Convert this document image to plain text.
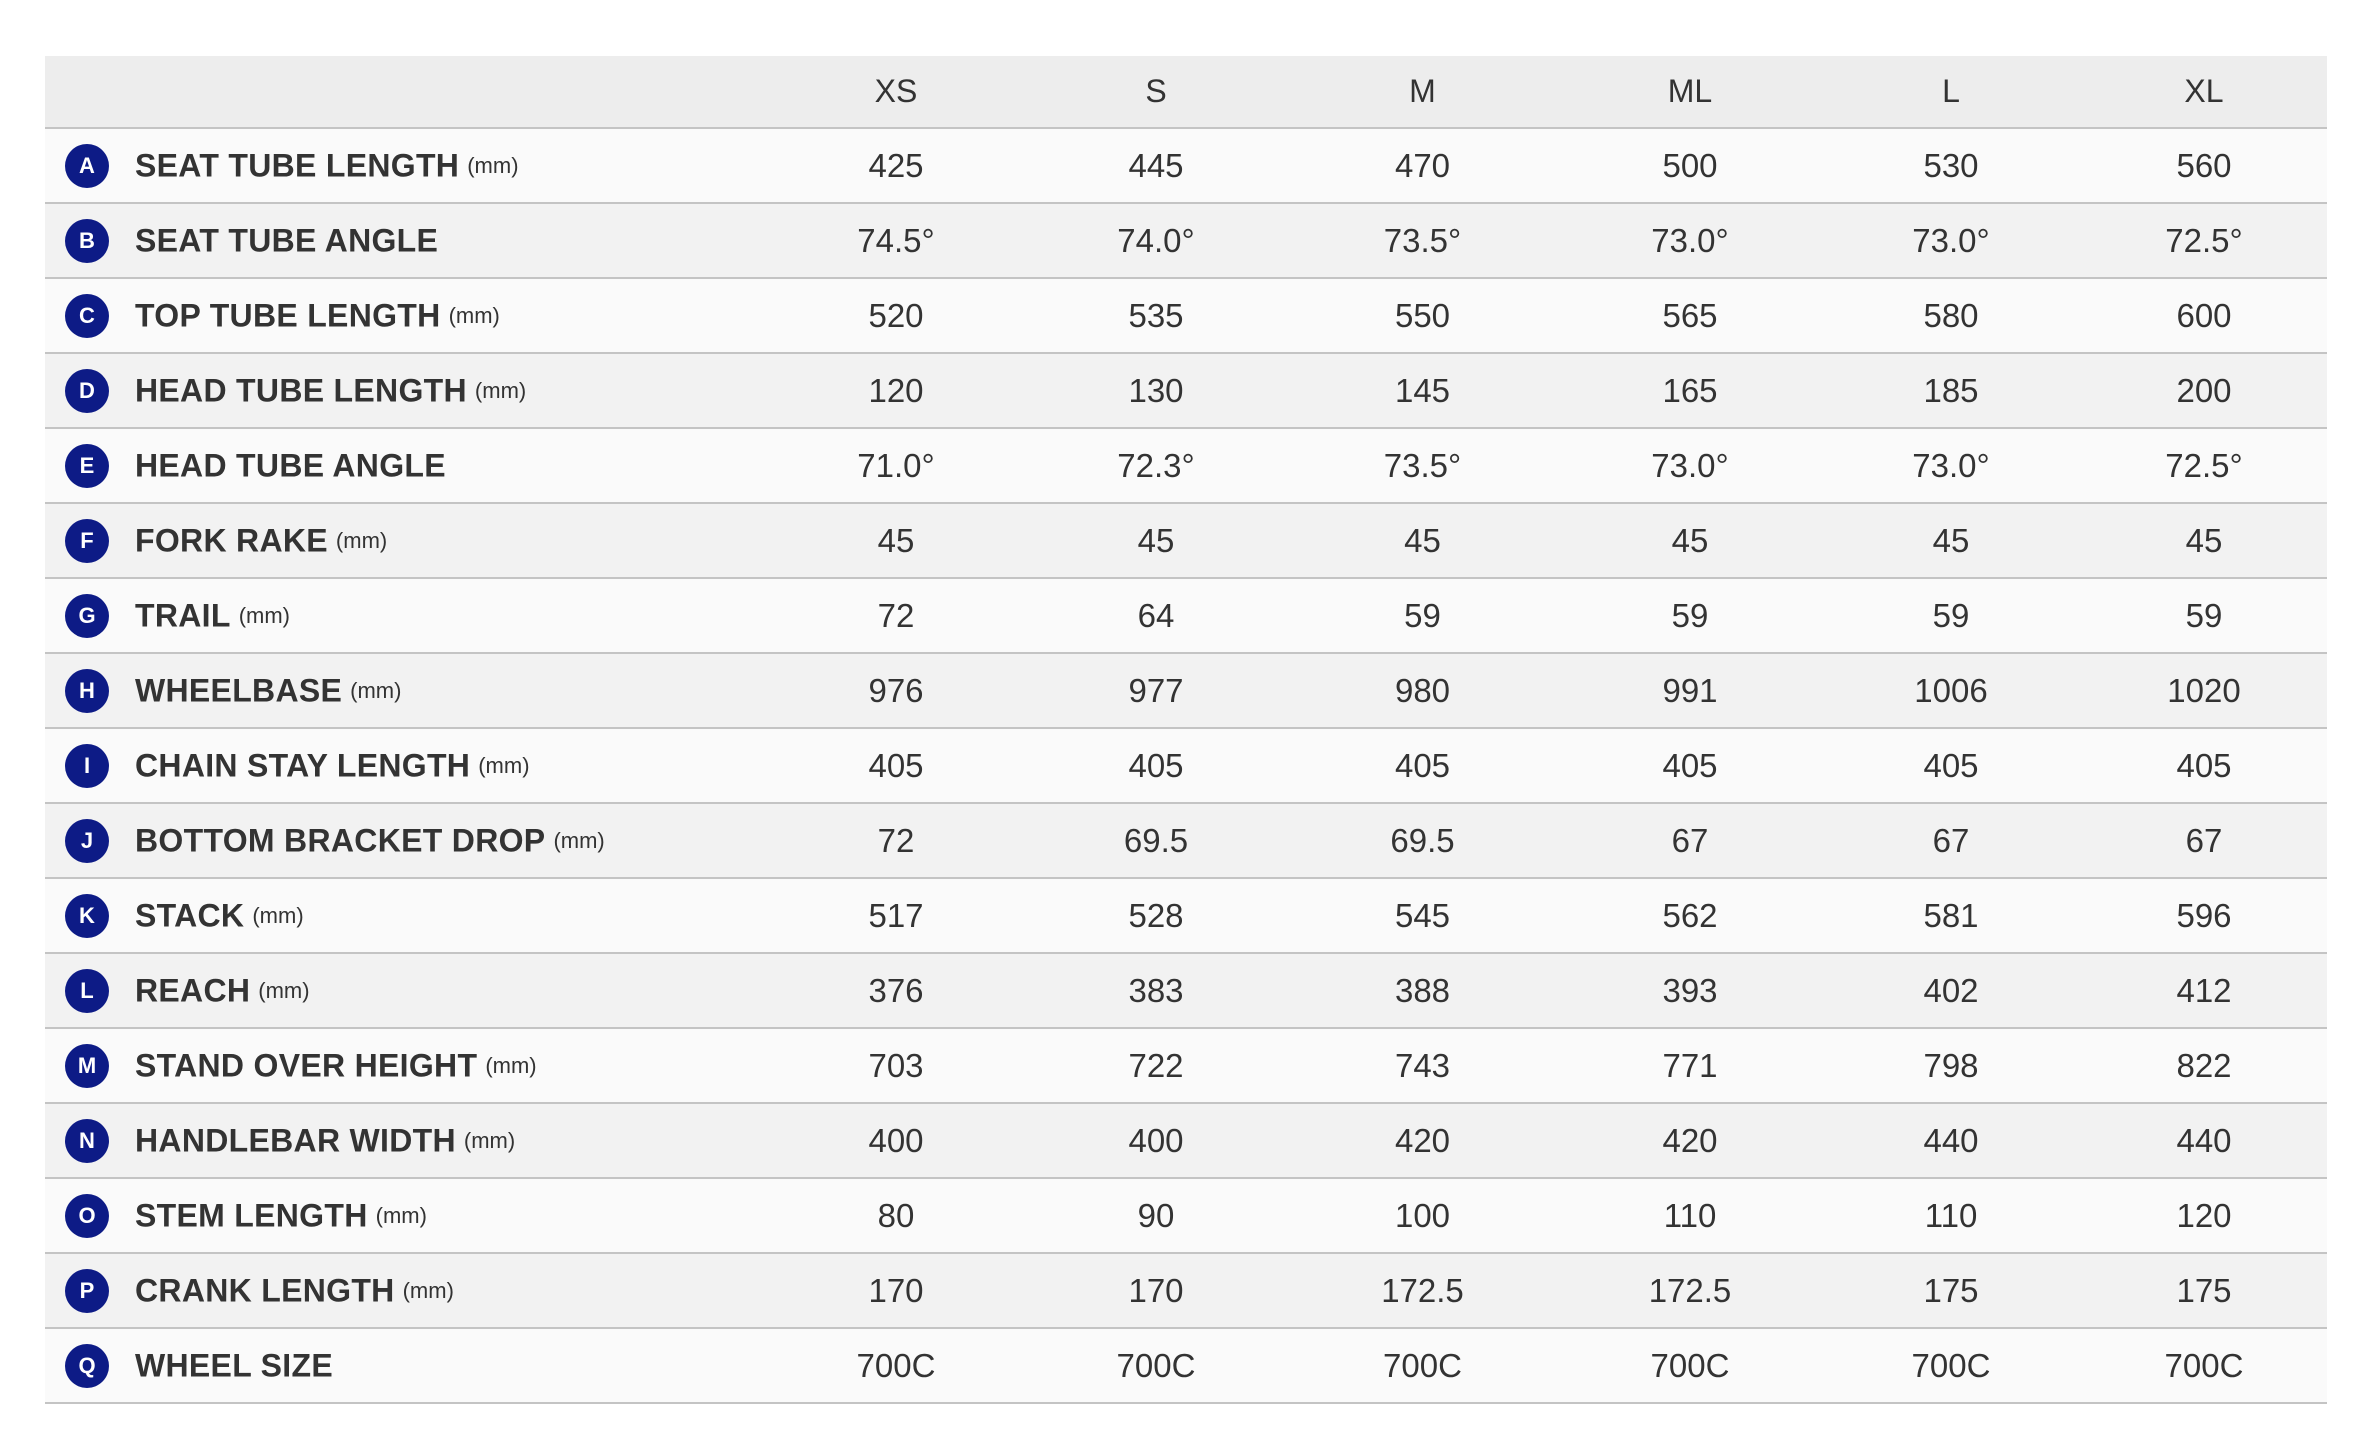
	XS	S	M	ML	L	XL
A SEAT TUBE LENGTH (mm)	425	445	470	500	530	560
B SEAT TUBE ANGLE	74.5°	74.0°	73.5°	73.0°	73.0°	72.5°
C TOP TUBE LENGTH (mm)	520	535	550	565	580	600
D HEAD TUBE LENGTH (mm)	120	130	145	165	185	200
E HEAD TUBE ANGLE	71.0°	72.3°	73.5°	73.0°	73.0°	72.5°
F FORK RAKE (mm)	45	45	45	45	45	45
G TRAIL (mm)	72	64	59	59	59	59
H WHEELBASE (mm)	976	977	980	991	1006	1020
I CHAIN STAY LENGTH (mm)	405	405	405	405	405	405
J BOTTOM BRACKET DROP (mm)	72	69.5	69.5	67	67	67
K STACK (mm)	517	528	545	562	581	596
L REACH (mm)	376	383	388	393	402	412
M STAND OVER HEIGHT (mm)	703	722	743	771	798	822
N HANDLEBAR WIDTH (mm)	400	400	420	420	440	440
O STEM LENGTH (mm)	80	90	100	110	110	120
P CRANK LENGTH (mm)	170	170	172.5	172.5	175	175
Q WHEEL SIZE	700C	700C	700C	700C	700C	700C
